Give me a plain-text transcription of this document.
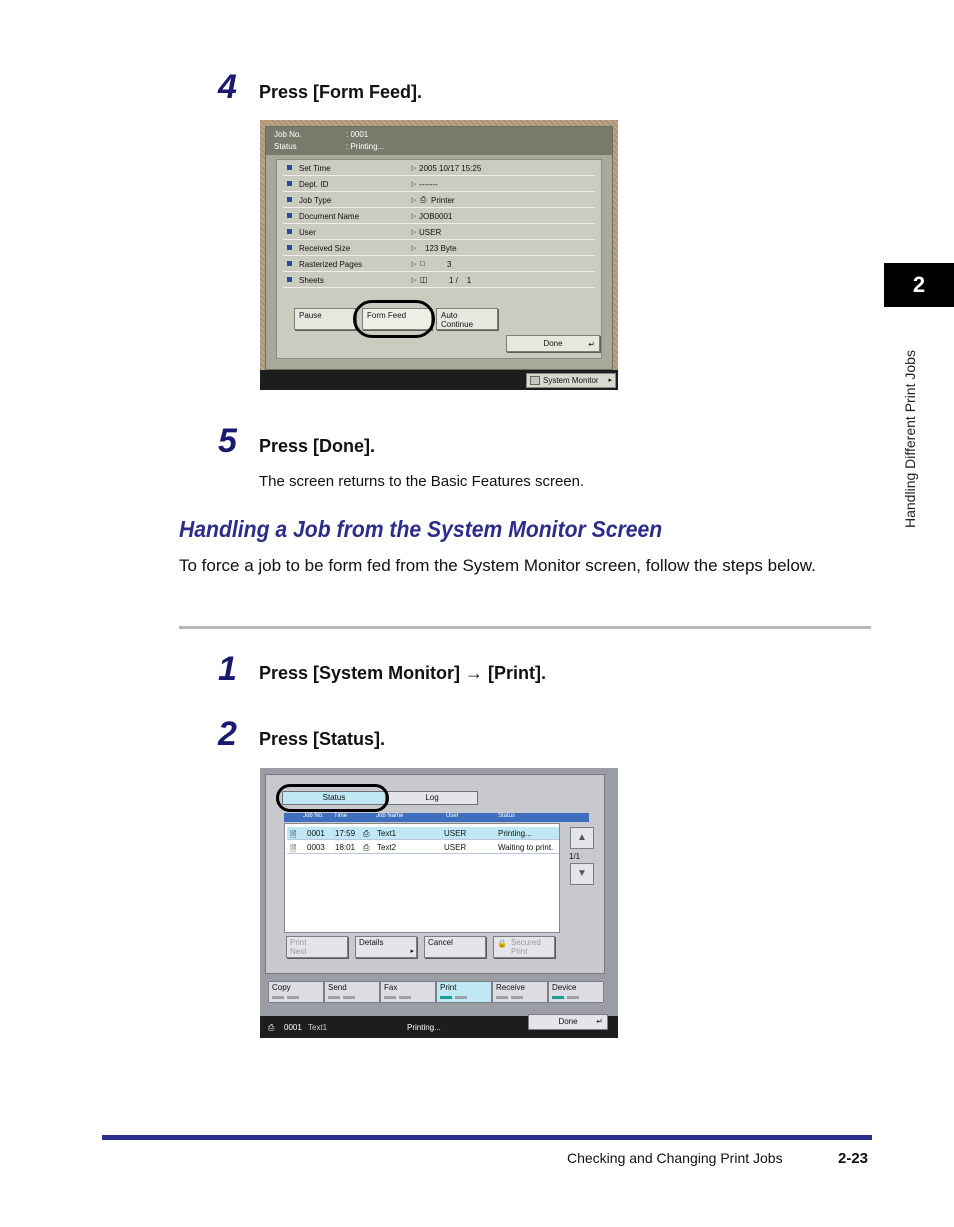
4 Press [Form Feed].
Job No.	: 0001
Status	: Printing...
Set Time	▷ 2005 10/17 15:25
Dept. ID	▷ -------
Job Type	▷ Printer
⎙
Document Name	▷ JOB0001
User	▷ USER
Received Size	▷ 123 Byte
Rasterized Pages	▷ □	3
Sheets	▷ ◫	1 /    1
Pause	Form Feed	Auto
Continue
Done	↵
System Monitor ▸
5 Press [Done].
The screen returns to the Basic Features screen.
Handling a Job from the System Monitor Screen
To force a job to be form fed from the System Monitor screen, follow the steps below.
1 Press [System Monitor] → [Print].
2 Press [Status].
Status	Log
Job No. Time	Job Name	User	Status
🗎 0001 17:59 ⎙ Text1	USER	Printing...
🗎 0003 18:01 ⎙ Text2	USER	Waiting to print.
▲
1/1
▼
Print
Next
Details
▸
Cancel	🔒 Secured
Print
Copy	Send	Fax	Print	Receive	Device
⎙ 0001 Text1	Printing...
Done ↵
2
Handling Different Print Jobs
Checking and Changing Print Jobs	2-23
